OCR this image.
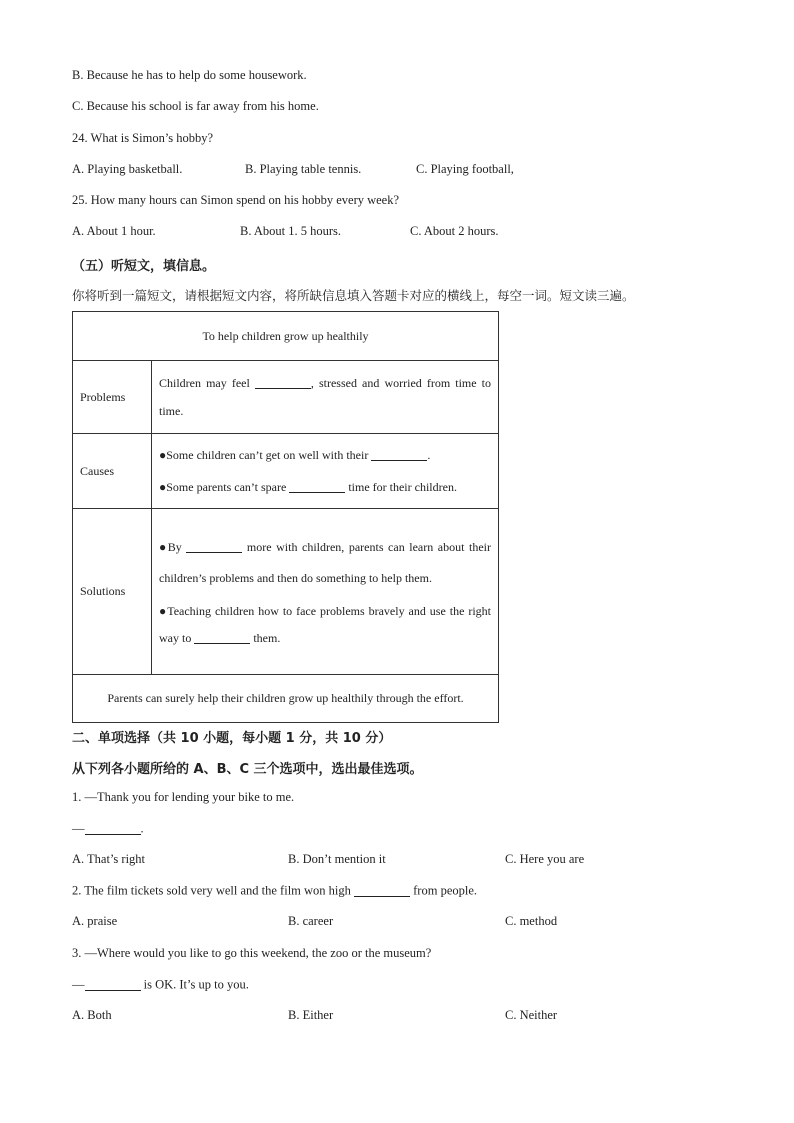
B. Because he has to help do some housework.
C. Because his school is far away from his home.
24. What is Simon’s hobby?
A. Playing basketball.	B. Playing table tennis.	C. Playing football,
25. How many hours can Simon spend on his hobby every week?
A. About 1 hour.	B. About 1. 5 hours.	C. About 2 hours.
（五）听短文，填信息。
你将听到一篇短文，请根据短文内容，将所缺信息填入答题卡对应的横线上，每空一词。短文读三遍。
To help children grow up healthily	
Problems	Children may feel , stressed and worried from time to time.
Causes	●Some children can’t get on well with their .
●Some parents can’t spare time for their children.

Solutions	●By more with children, parents can learn about their children’s problems and then do something to help them.
●Teaching children how to face problems bravely and use the right way to them.

Parents can surely help their children grow up healthily through the effort.	
二、单项选择（共 10 小题，每小题 1 分，共 10 分）
从下列各小题所给的 A、B、C 三个选项中，选出最佳选项。
1. —Thank you for lending your bike to me.
—	.
A. That’s right	B. Don’t mention it	C. Here you are
2. The film tickets sold very well and the film won high	from people.
A. praise	B. career	C. method
3. —Where would you like to go this weekend, the zoo or the museum?
—	is OK. It’s up to you.
A. Both	B. Either	C. Neither
